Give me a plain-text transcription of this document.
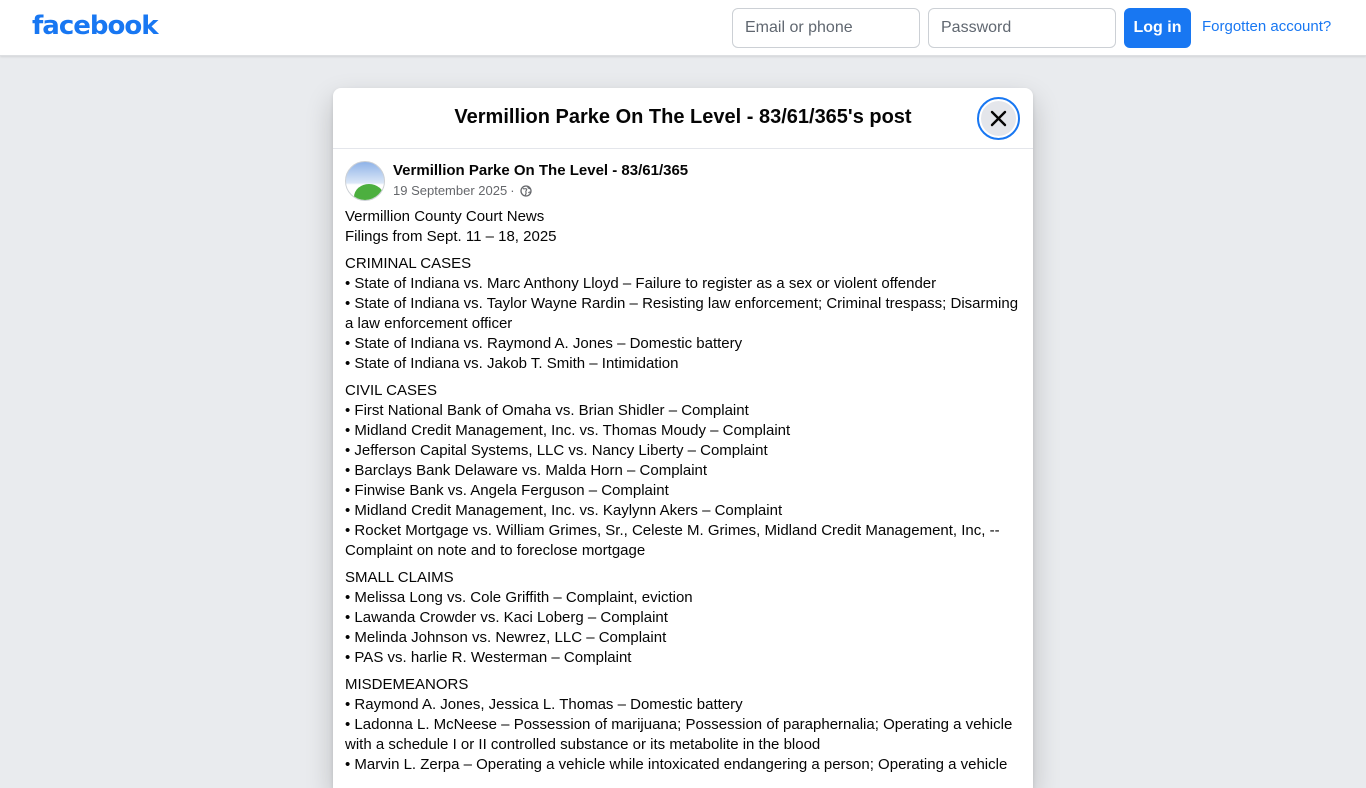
facebook
Email or phone	Log in	Forgotten account?
Vermillion Parke On The Level - 83/61/365's post
Vermillion Parke On The Level - 83/61/365
19 September 2025 ·
Vermillion County Court News
Filings from Sept. 11 – 18, 2025
CRIMINAL CASES
• State of Indiana vs. Marc Anthony Lloyd – Failure to register as a sex or violent offender
• State of Indiana vs. Taylor Wayne Rardin – Resisting law enforcement; Criminal trespass; Disarming a law enforcement officer
• State of Indiana vs. Raymond A. Jones – Domestic battery
• State of Indiana vs. Jakob T. Smith – Intimidation
CIVIL CASES
• First National Bank of Omaha vs. Brian Shidler – Complaint
• Midland Credit Management, Inc. vs. Thomas Moudy – Complaint
• Jefferson Capital Systems, LLC vs. Nancy Liberty – Complaint
• Barclays Bank Delaware vs. Malda Horn – Complaint
• Finwise Bank vs. Angela Ferguson – Complaint
• Midland Credit Management, Inc. vs. Kaylynn Akers – Complaint
• Rocket Mortgage vs. William Grimes, Sr., Celeste M. Grimes, Midland Credit Management, Inc, -- Complaint on note and to foreclose mortgage
SMALL CLAIMS
• Melissa Long vs. Cole Griffith – Complaint, eviction
• Lawanda Crowder vs. Kaci Loberg – Complaint
• Melinda Johnson vs. Newrez, LLC – Complaint
• PAS vs. harlie R. Westerman – Complaint
MISDEMEANORS
• Raymond A. Jones, Jessica L. Thomas – Domestic battery
• Ladonna L. McNeese – Possession of marijuana; Possession of paraphernalia; Operating a vehicle with a schedule I or II controlled substance or its metabolite in the blood
• Marvin L. Zerpa – Operating a vehicle while intoxicated endangering a person; Operating a vehicle
